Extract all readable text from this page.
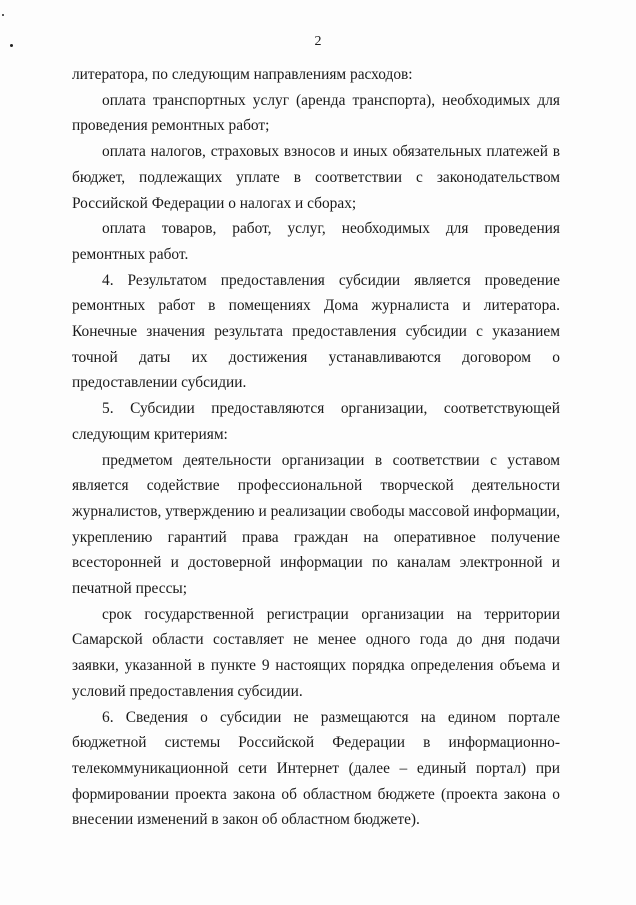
2

литератора, по следующим направлениям расходов:

оплата транспортных услуг (аренда транспорта), необходимых для проведения ремонтных работ;

оплата налогов, страховых взносов и иных обязательных платежей в бюджет, подлежащих уплате в соответствии с законодательством Российской Федерации о налогах и сборах;

оплата товаров, работ, услуг, необходимых для проведения ремонтных работ.

4. Результатом предоставления субсидии является проведение ремонтных работ в помещениях Дома журналиста и литератора. Конечные значения результата предоставления субсидии с указанием точной даты их достижения устанавливаются договором о предоставлении субсидии.

5. Субсидии предоставляются организации, соответствующей следующим критериям:

предметом деятельности организации в соответствии с уставом является содействие профессиональной творческой деятельности журналистов, утверждению и реализации свободы массовой информации, укреплению гарантий права граждан на оперативное получение всесторонней и достоверной информации по каналам электронной и печатной прессы;

срок государственной регистрации организации на территории Самарской области составляет не менее одного года до дня подачи заявки, указанной в пункте 9 настоящих порядка определения объема и условий предоставления субсидии.

6. Сведения о субсидии не размещаются на едином портале бюджетной системы Российской Федерации в информационно-телекоммуникационной сети Интернет (далее – единый портал) при формировании проекта закона об областном бюджете (проекта закона о внесении изменений в закон об областном бюджете).
